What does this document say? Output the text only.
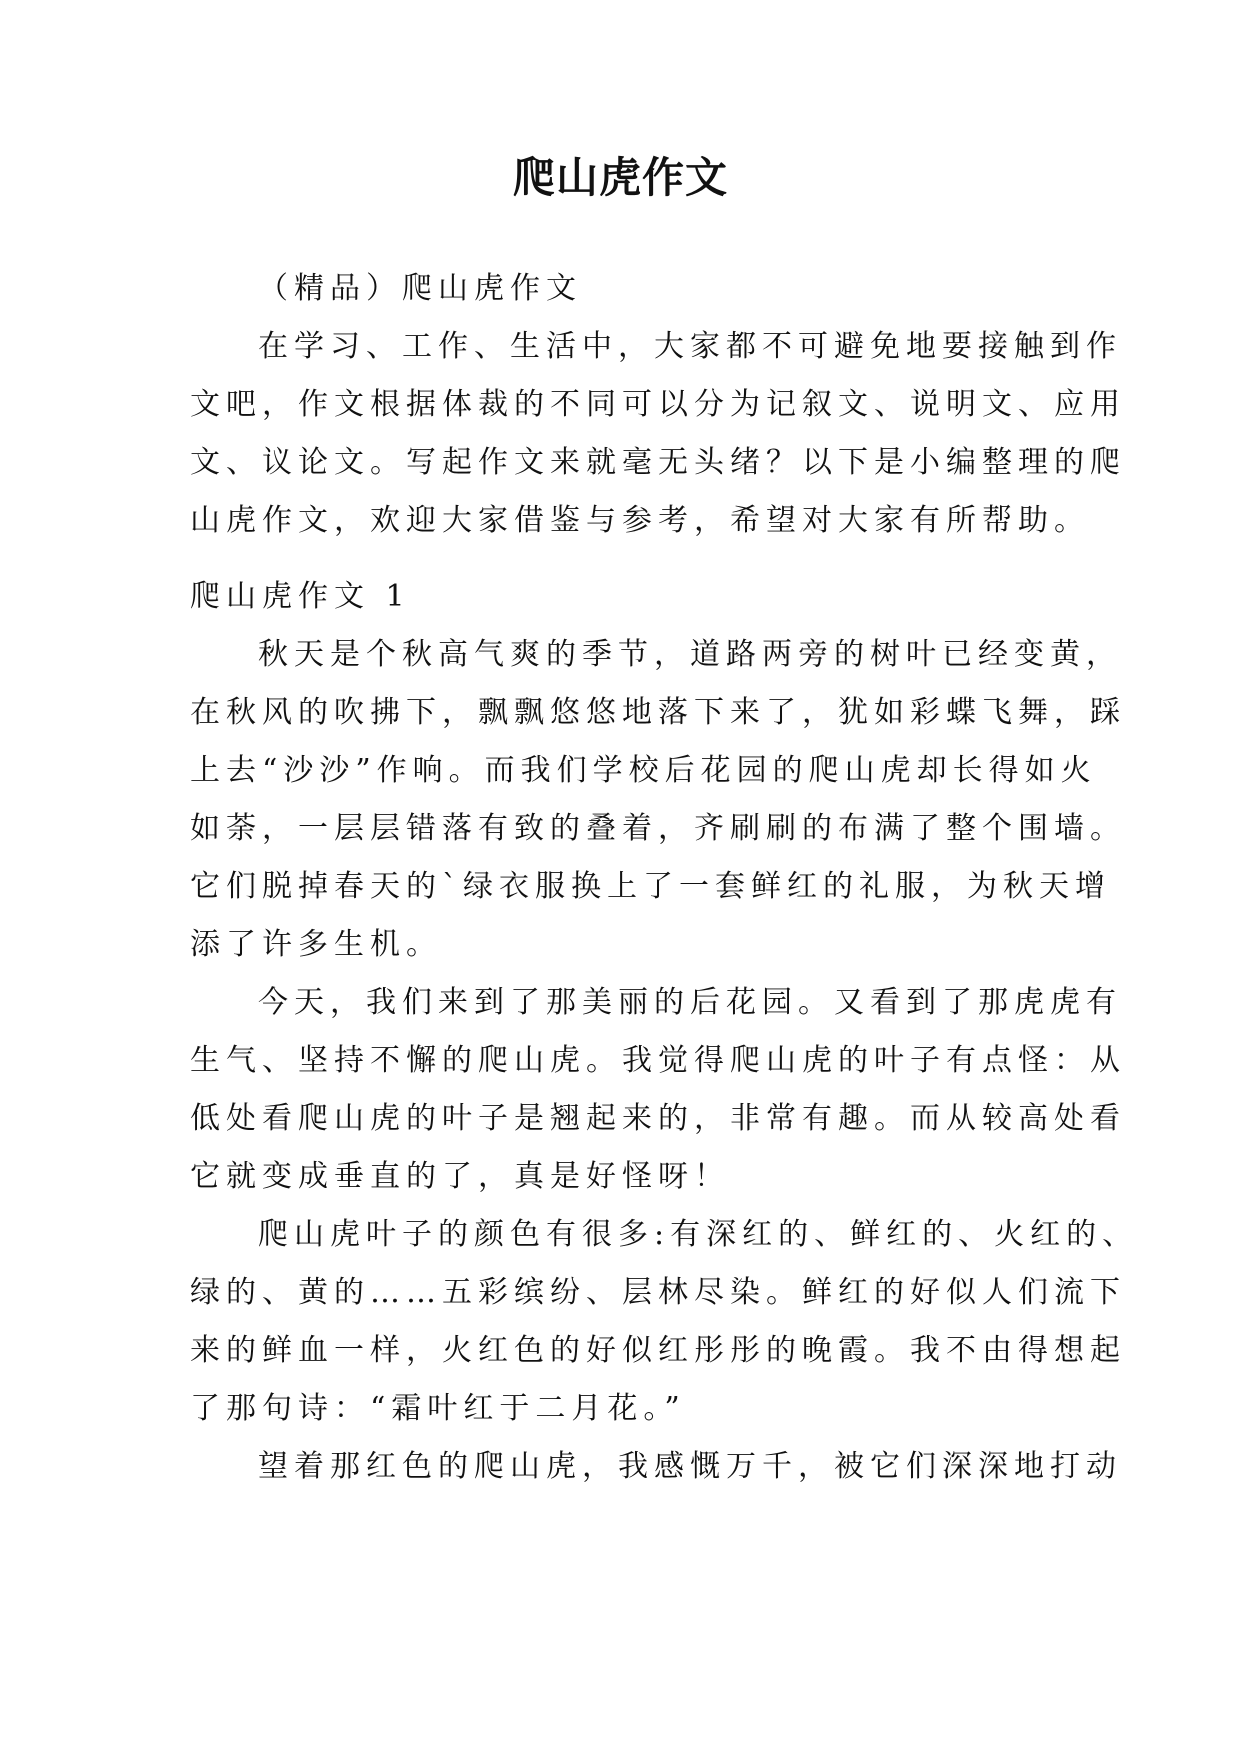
爬山虎作文

（精品）爬山虎作文

在学习、工作、生活中，大家都不可避免地要接触到作

文吧，作文根据体裁的不同可以分为记叙文、说明文、应用

文、议论文。写起作文来就毫无头绪？以下是小编整理的爬

山虎作文，欢迎大家借鉴与参考，希望对大家有所帮助。

爬山虎作文 1

秋天是个秋高气爽的季节，道路两旁的树叶已经变黄，

在秋风的吹拂下，飘飘悠悠地落下来了，犹如彩蝶飞舞，踩

上去“沙沙”作响。而我们学校后花园的爬山虎却长得如火

如荼，一层层错落有致的叠着，齐刷刷的布满了整个围墙。

它们脱掉春天的`绿衣服换上了一套鲜红的礼服，为秋天增

添了许多生机。

今天，我们来到了那美丽的后花园。又看到了那虎虎有

生气、坚持不懈的爬山虎。我觉得爬山虎的叶子有点怪：从

低处看爬山虎的叶子是翘起来的，非常有趣。而从较高处看

它就变成垂直的了，真是好怪呀！

爬山虎叶子的颜色有很多:有深红的、鲜红的、火红的、

绿的、黄的……五彩缤纷、层林尽染。鲜红的好似人们流下

来的鲜血一样，火红色的好似红彤彤的晚霞。我不由得想起

了那句诗：“霜叶红于二月花。”

望着那红色的爬山虎，我感慨万千，被它们深深地打动
